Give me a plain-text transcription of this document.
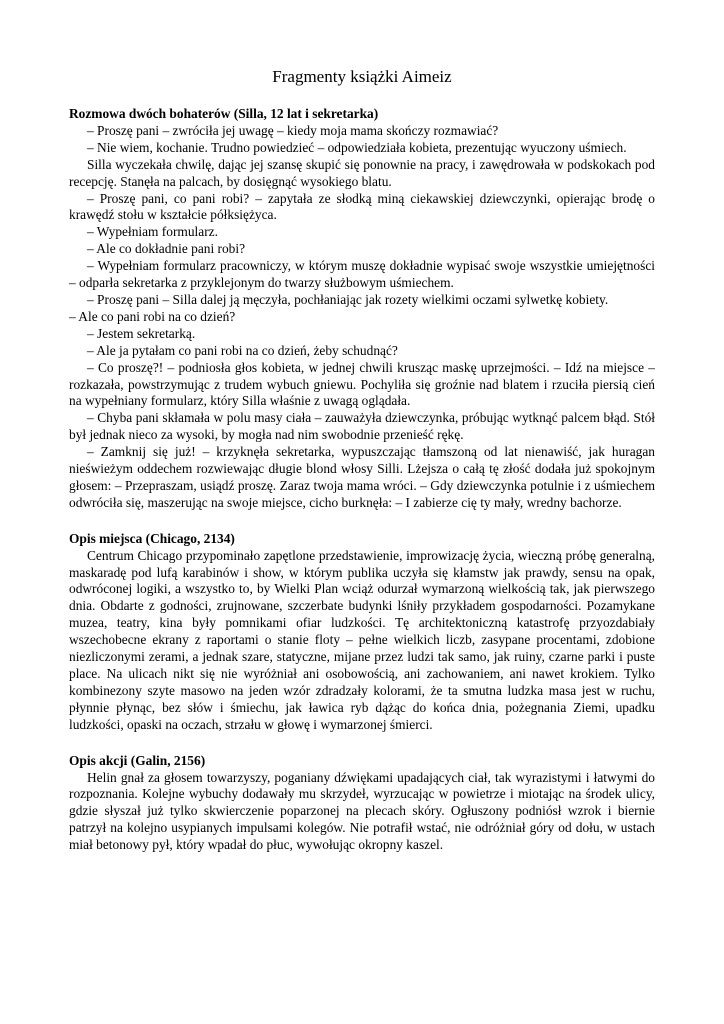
Fragmenty książki Aimeiz

Rozmowa dwóch bohaterów (Silla, 12 lat i sekretarka)

– Proszę pani – zwróciła jej uwagę – kiedy moja mama skończy rozmawiać?

– Nie wiem, kochanie. Trudno powiedzieć – odpowiedziała kobieta, prezentując wyuczony uśmiech.

Silla wyczekała chwilę, dając jej szansę skupić się ponownie na pracy, i zawędrowała w podskokach pod recepcję. Stanęła na palcach, by dosięgnąć wysokiego blatu.

– Proszę pani, co pani robi? – zapytała ze słodką miną ciekawskiej dziewczynki, opierając brodę o krawędź stołu w kształcie półksiężyca.

– Wypełniam formularz.

– Ale co dokładnie pani robi?

– Wypełniam formularz pracowniczy, w którym muszę dokładnie wypisać swoje wszystkie umiejętności – odparła sekretarka z przyklejonym do twarzy służbowym uśmiechem.

– Proszę pani – Silla dalej ją męczyła, pochłaniając jak rozety wielkimi oczami sylwetkę kobiety.

– Ale co pani robi na co dzień?

– Jestem sekretarką.

– Ale ja pytałam co pani robi na co dzień, żeby schudnąć?

– Co proszę?! – podniosła głos kobieta, w jednej chwili krusząc maskę uprzejmości. – Idź na miejsce – rozkazała, powstrzymując z trudem wybuch gniewu. Pochyliła się groźnie nad blatem i rzuciła piersią cień na wypełniany formularz, który Silla właśnie z uwagą oglądała.

– Chyba pani skłamała w polu masy ciała – zauważyła dziewczynka, próbując wytknąć palcem błąd. Stół był jednak nieco za wysoki, by mogła nad nim swobodnie przenieść rękę.

– Zamknij się już! – krzyknęła sekretarka, wypuszczając tłamszoną od lat nienawiść, jak huragan nieświeżym oddechem rozwiewając długie blond włosy Silli. Lżejsza o całą tę złość dodała już spokojnym głosem: – Przepraszam, usiądź proszę. Zaraz twoja mama wróci. – Gdy dziewczynka potulnie i z uśmiechem odwróciła się, maszerując na swoje miejsce, cicho burknęła: – I zabierze cię ty mały, wredny bachorze.

Opis miejsca (Chicago, 2134)

Centrum Chicago przypominało zapętlone przedstawienie, improwizację życia, wieczną próbę generalną, maskaradę pod lufą karabinów i show, w którym publika uczyła się kłamstw jak prawdy, sensu na opak, odwróconej logiki, a wszystko to, by Wielki Plan wciąż odurzał wymarzoną wielkością tak, jak pierwszego dnia. Obdarte z godności, zrujnowane, szczerbate budynki lśniły przykładem gospodarności. Pozamykane muzea, teatry, kina były pomnikami ofiar ludzkości. Tę architektoniczną katastrofę przyozdabiały wszechobecne ekrany z raportami o stanie floty – pełne wielkich liczb, zasypane procentami, zdobione niezliczonymi zerami, a jednak szare, statyczne, mijane przez ludzi tak samo, jak ruiny, czarne parki i puste place. Na ulicach nikt się nie wyróżniał ani osobowością, ani zachowaniem, ani nawet krokiem. Tylko kombinezony szyte masowo na jeden wzór zdradzały kolorami, że ta smutna ludzka masa jest w ruchu, płynnie płynąc, bez słów i śmiechu, jak ławica ryb dążąc do końca dnia, pożegnania Ziemi, upadku ludzkości, opaski na oczach, strzału w głowę i wymarzonej śmierci.

Opis akcji (Galin, 2156)

Helin gnał za głosem towarzyszy, poganiany dźwiękami upadających ciał, tak wyrazistymi i łatwymi do rozpoznania. Kolejne wybuchy dodawały mu skrzydeł, wyrzucając w powietrze i miotając na środek ulicy, gdzie słyszał już tylko skwierczenie poparzonej na plecach skóry. Ogłuszony podniósł wzrok i biernie patrzył na kolejno usypianych impulsami kolegów. Nie potrafił wstać, nie odróżniał góry od dołu, w ustach miał betonowy pył, który wpadał do płuc, wywołując okropny kaszel.
